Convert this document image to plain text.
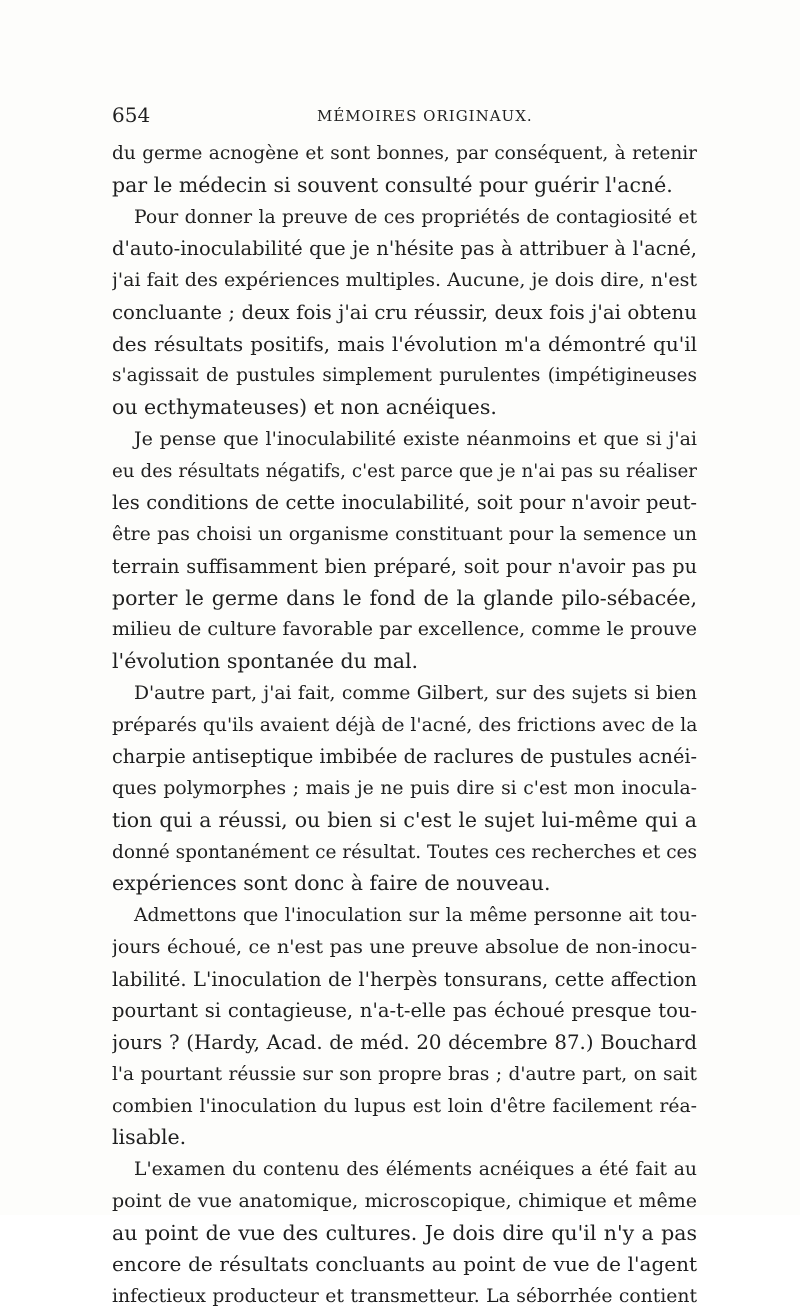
654	MÉMOIRES ORIGINAUX.
du germe acnogène et sont bonnes, par conséquent, à retenir
par le médecin si souvent consulté pour guérir l'acné.
Pour donner la preuve de ces propriétés de contagiosité et
d'auto-inoculabilité que je n'hésite pas à attribuer à l'acné,
j'ai fait des expériences multiples. Aucune, je dois dire, n'est
concluante ; deux fois j'ai cru réussir, deux fois j'ai obtenu
des résultats positifs, mais l'évolution m'a démontré qu'il
s'agissait de pustules simplement purulentes (impétigineuses
ou ecthymateuses) et non acnéiques.
Je pense que l'inoculabilité existe néanmoins et que si j'ai
eu des résultats négatifs, c'est parce que je n'ai pas su réaliser
les conditions de cette inoculabilité, soit pour n'avoir peut-
être pas choisi un organisme constituant pour la semence un
terrain suffisamment bien préparé, soit pour n'avoir pas pu
porter le germe dans le fond de la glande pilo-sébacée,
milieu de culture favorable par excellence, comme le prouve
l'évolution spontanée du mal.
D'autre part, j'ai fait, comme Gilbert, sur des sujets si bien
préparés qu'ils avaient déjà de l'acné, des frictions avec de la
charpie antiseptique imbibée de raclures de pustules acnéi-
ques polymorphes ; mais je ne puis dire si c'est mon inocula-
tion qui a réussi, ou bien si c'est le sujet lui-même qui a
donné spontanément ce résultat. Toutes ces recherches et ces
expériences sont donc à faire de nouveau.
Admettons que l'inoculation sur la même personne ait tou-
jours échoué, ce n'est pas une preuve absolue de non-inocu-
labilité. L'inoculation de l'herpès tonsurans, cette affection
pourtant si contagieuse, n'a-t-elle pas échoué presque tou-
jours ? (Hardy, Acad. de méd. 20 décembre 87.) Bouchard
l'a pourtant réussie sur son propre bras ; d'autre part, on sait
combien l'inoculation du lupus est loin d'être facilement réa-
lisable.
L'examen du contenu des éléments acnéiques a été fait au
point de vue anatomique, microscopique, chimique et même
au point de vue des cultures. Je dois dire qu'il n'y a pas
encore de résultats concluants au point de vue de l'agent
infectieux producteur et transmetteur. La séborrhée contient
